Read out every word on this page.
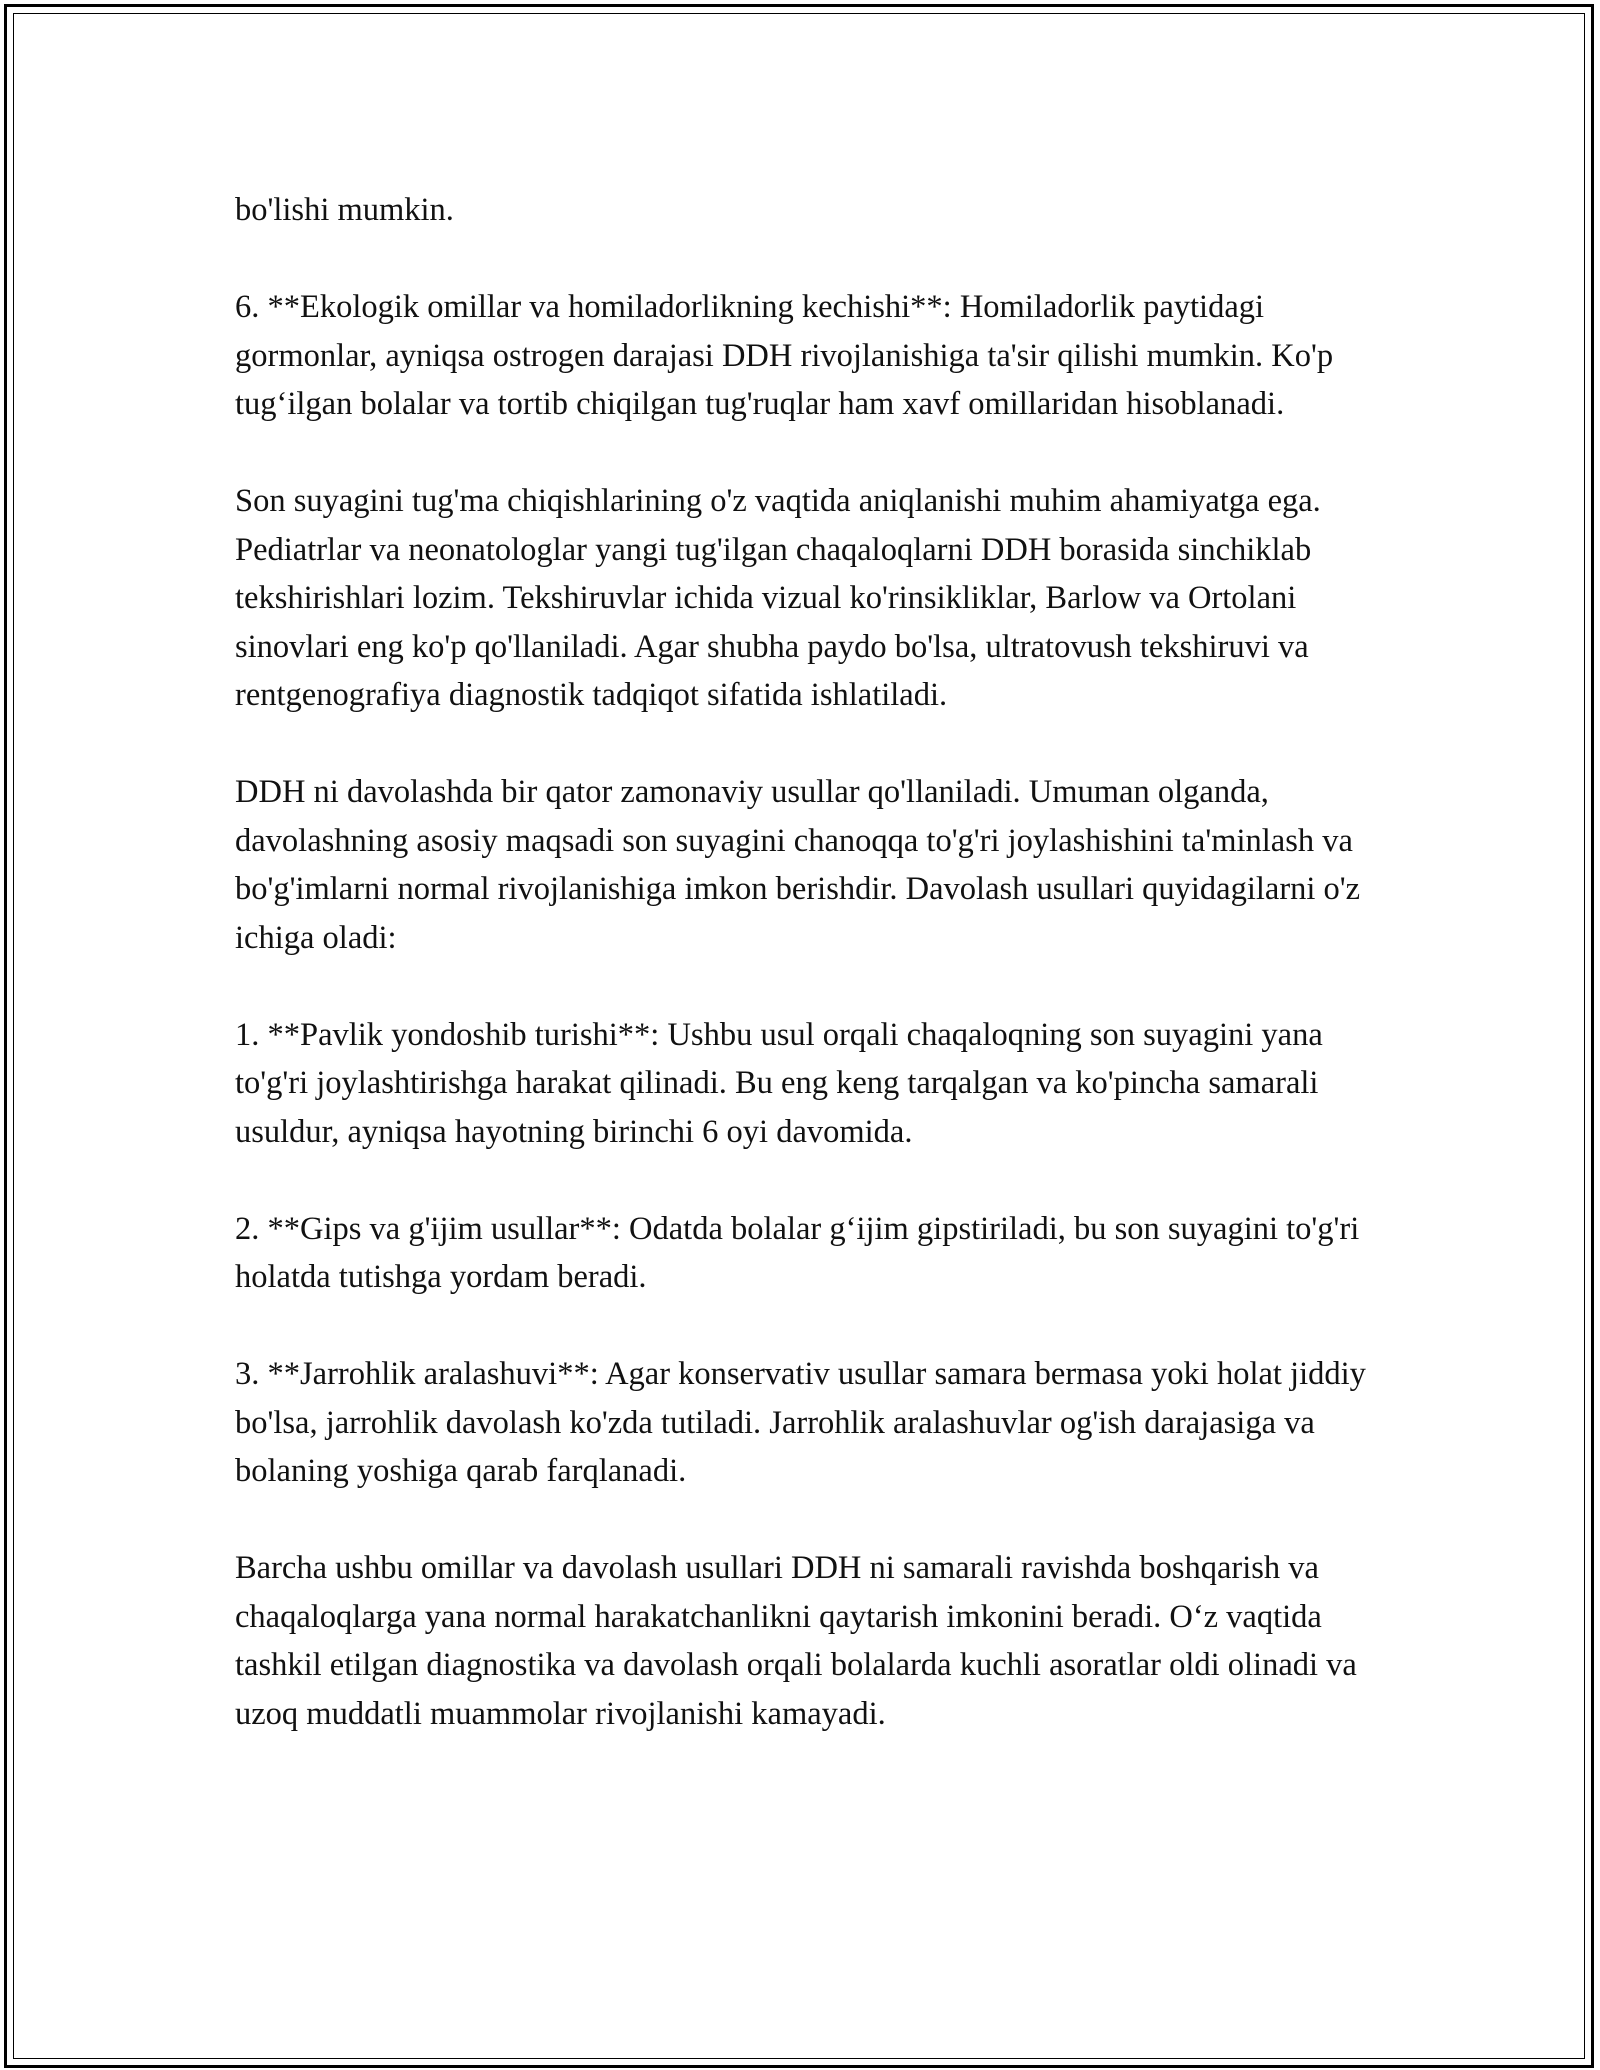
bo'lishi mumkin.

6. **Ekologik omillar va homiladorlikning kechishi**: Homiladorlik paytidagi gormonlar, ayniqsa ostrogen darajasi DDH rivojlanishiga ta'sir qilishi mumkin. Ko'p tug‘ilgan bolalar va tortib chiqilgan tug'ruqlar ham xavf omillaridan hisoblanadi.

Son suyagini tug'ma chiqishlarining o'z vaqtida aniqlanishi muhim ahamiyatga ega. Pediatrlar va neonatologlar yangi tug'ilgan chaqaloqlarni DDH borasida sinchiklab tekshirishlari lozim. Tekshiruvlar ichida vizual ko'rinsikliklar, Barlow va Ortolani sinovlari eng ko'p qo'llaniladi. Agar shubha paydo bo'lsa, ultratovush tekshiruvi va rentgenografiya diagnostik tadqiqot sifatida ishlatiladi.

DDH ni davolashda bir qator zamonaviy usullar qo'llaniladi. Umuman olganda, davolashning asosiy maqsadi son suyagini chanoqqa to'g'ri joylashishini ta'minlash va bo'g'imlarni normal rivojlanishiga imkon berishdir. Davolash usullari quyidagilarni o'z ichiga oladi:

1. **Pavlik yondoshib turishi**: Ushbu usul orqali chaqaloqning son suyagini yana to'g'ri joylashtirishga harakat qilinadi. Bu eng keng tarqalgan va ko'pincha samarali usuldur, ayniqsa hayotning birinchi 6 oyi davomida.

2. **Gips va g'ijim usullar**: Odatda bolalar g‘ijim gipstiriladi, bu son suyagini to'g'ri holatda tutishga yordam beradi.

3. **Jarrohlik aralashuvi**: Agar konservativ usullar samara bermasa yoki holat jiddiy bo'lsa, jarrohlik davolash ko'zda tutiladi. Jarrohlik aralashuvlar og'ish darajasiga va bolaning yoshiga qarab farqlanadi.

Barcha ushbu omillar va davolash usullari DDH ni samarali ravishda boshqarish va chaqaloqlarga yana normal harakatchanlikni qaytarish imkonini beradi. O‘z vaqtida tashkil etilgan diagnostika va davolash orqali bolalarda kuchli asoratlar oldi olinadi va uzoq muddatli muammolar rivojlanishi kamayadi.
